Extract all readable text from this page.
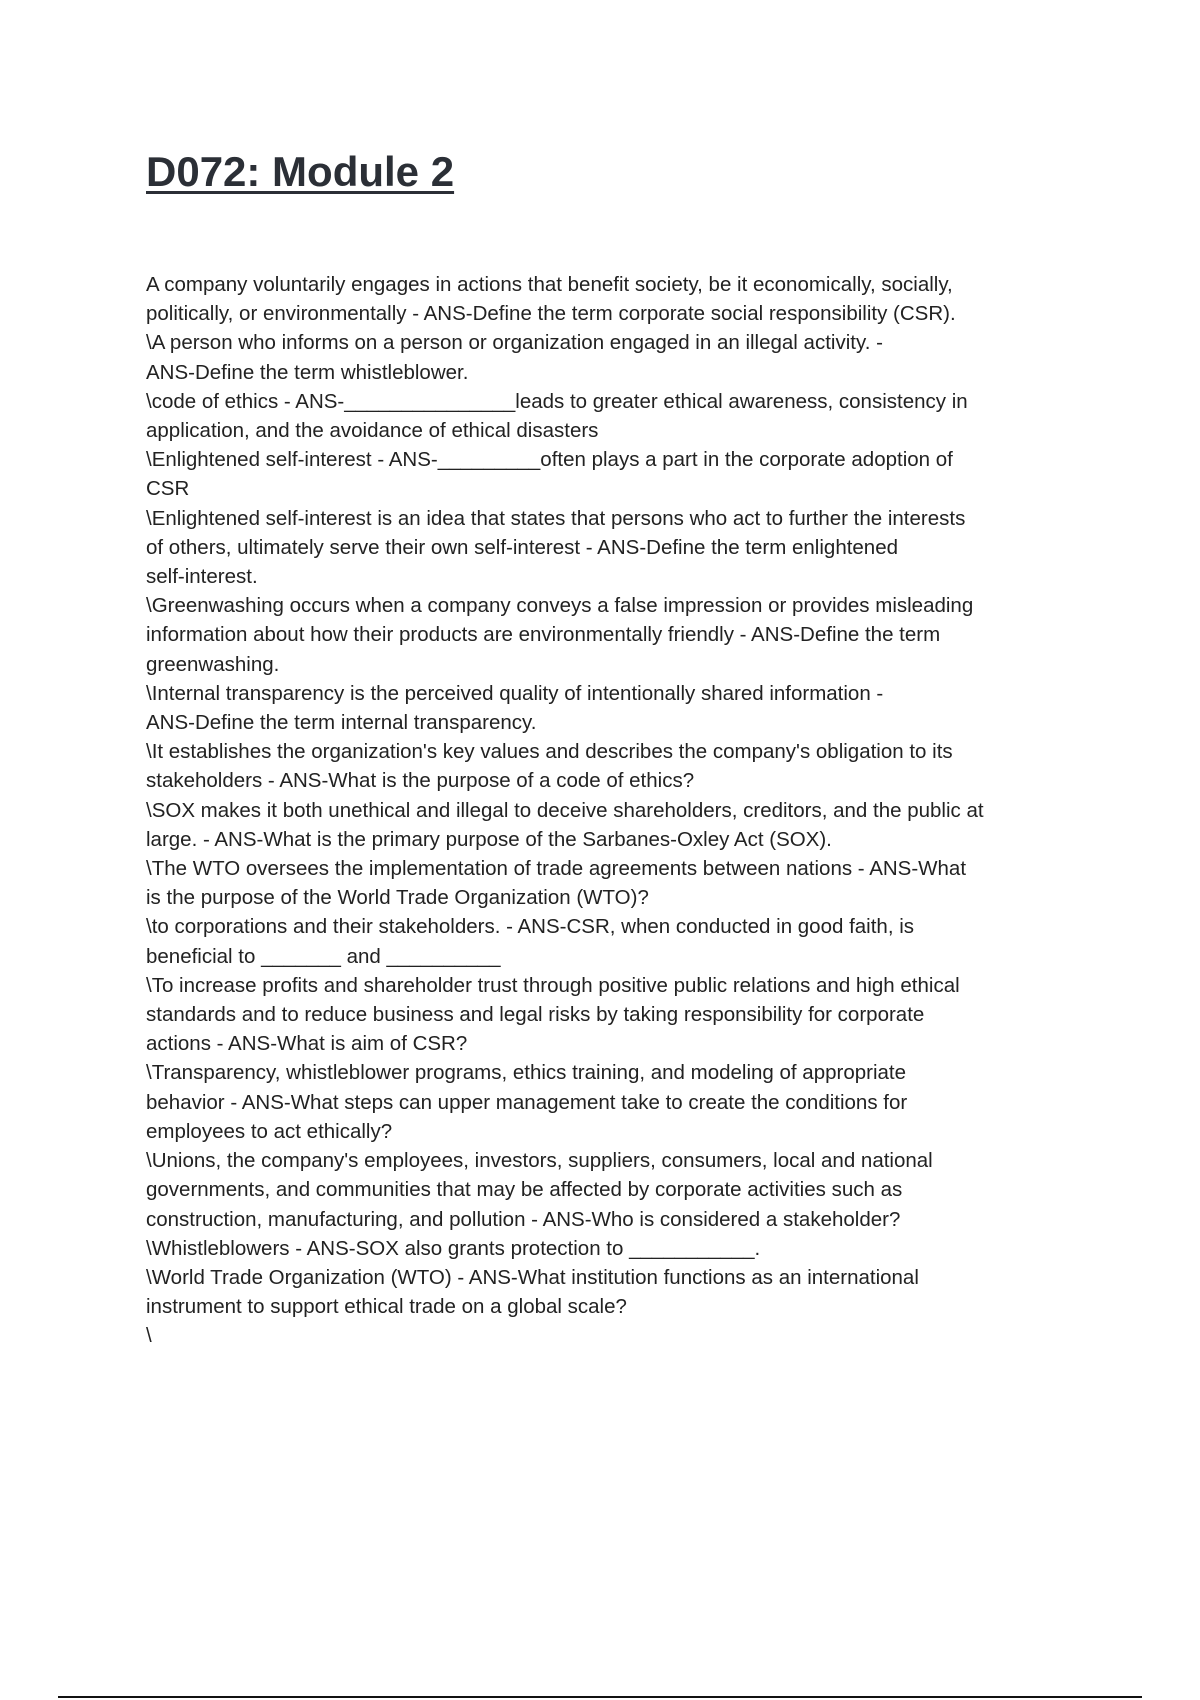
D072: Module 2
A company voluntarily engages in actions that benefit society, be it economically, socially,
politically, or environmentally - ANS-Define the term corporate social responsibility (CSR).
\A person who informs on a person or organization engaged in an illegal activity. -
ANS-Define the term whistleblower.
\code of ethics - ANS-_______________leads to greater ethical awareness, consistency in
application, and the avoidance of ethical disasters
\Enlightened self-interest - ANS-_________often plays a part in the corporate adoption of
CSR
\Enlightened self-interest is an idea that states that persons who act to further the interests
of others, ultimately serve their own self-interest - ANS-Define the term enlightened
self-interest.
\Greenwashing occurs when a company conveys a false impression or provides misleading
information about how their products are environmentally friendly - ANS-Define the term
greenwashing.
\Internal transparency is the perceived quality of intentionally shared information -
ANS-Define the term internal transparency.
\It establishes the organization's key values and describes the company's obligation to its
stakeholders - ANS-What is the purpose of a code of ethics?
\SOX makes it both unethical and illegal to deceive shareholders, creditors, and the public at
large. - ANS-What is the primary purpose of the Sarbanes-Oxley Act (SOX).
\The WTO oversees the implementation of trade agreements between nations - ANS-What
is the purpose of the World Trade Organization (WTO)?
\to corporations and their stakeholders. - ANS-CSR, when conducted in good faith, is
beneficial to _______ and __________
\To increase profits and shareholder trust through positive public relations and high ethical
standards and to reduce business and legal risks by taking responsibility for corporate
actions - ANS-What is aim of CSR?
\Transparency, whistleblower programs, ethics training, and modeling of appropriate
behavior - ANS-What steps can upper management take to create the conditions for
employees to act ethically?
\Unions, the company's employees, investors, suppliers, consumers, local and national
governments, and communities that may be affected by corporate activities such as
construction, manufacturing, and pollution - ANS-Who is considered a stakeholder?
\Whistleblowers - ANS-SOX also grants protection to ___________.
\World Trade Organization (WTO) - ANS-What institution functions as an international
instrument to support ethical trade on a global scale?
\
